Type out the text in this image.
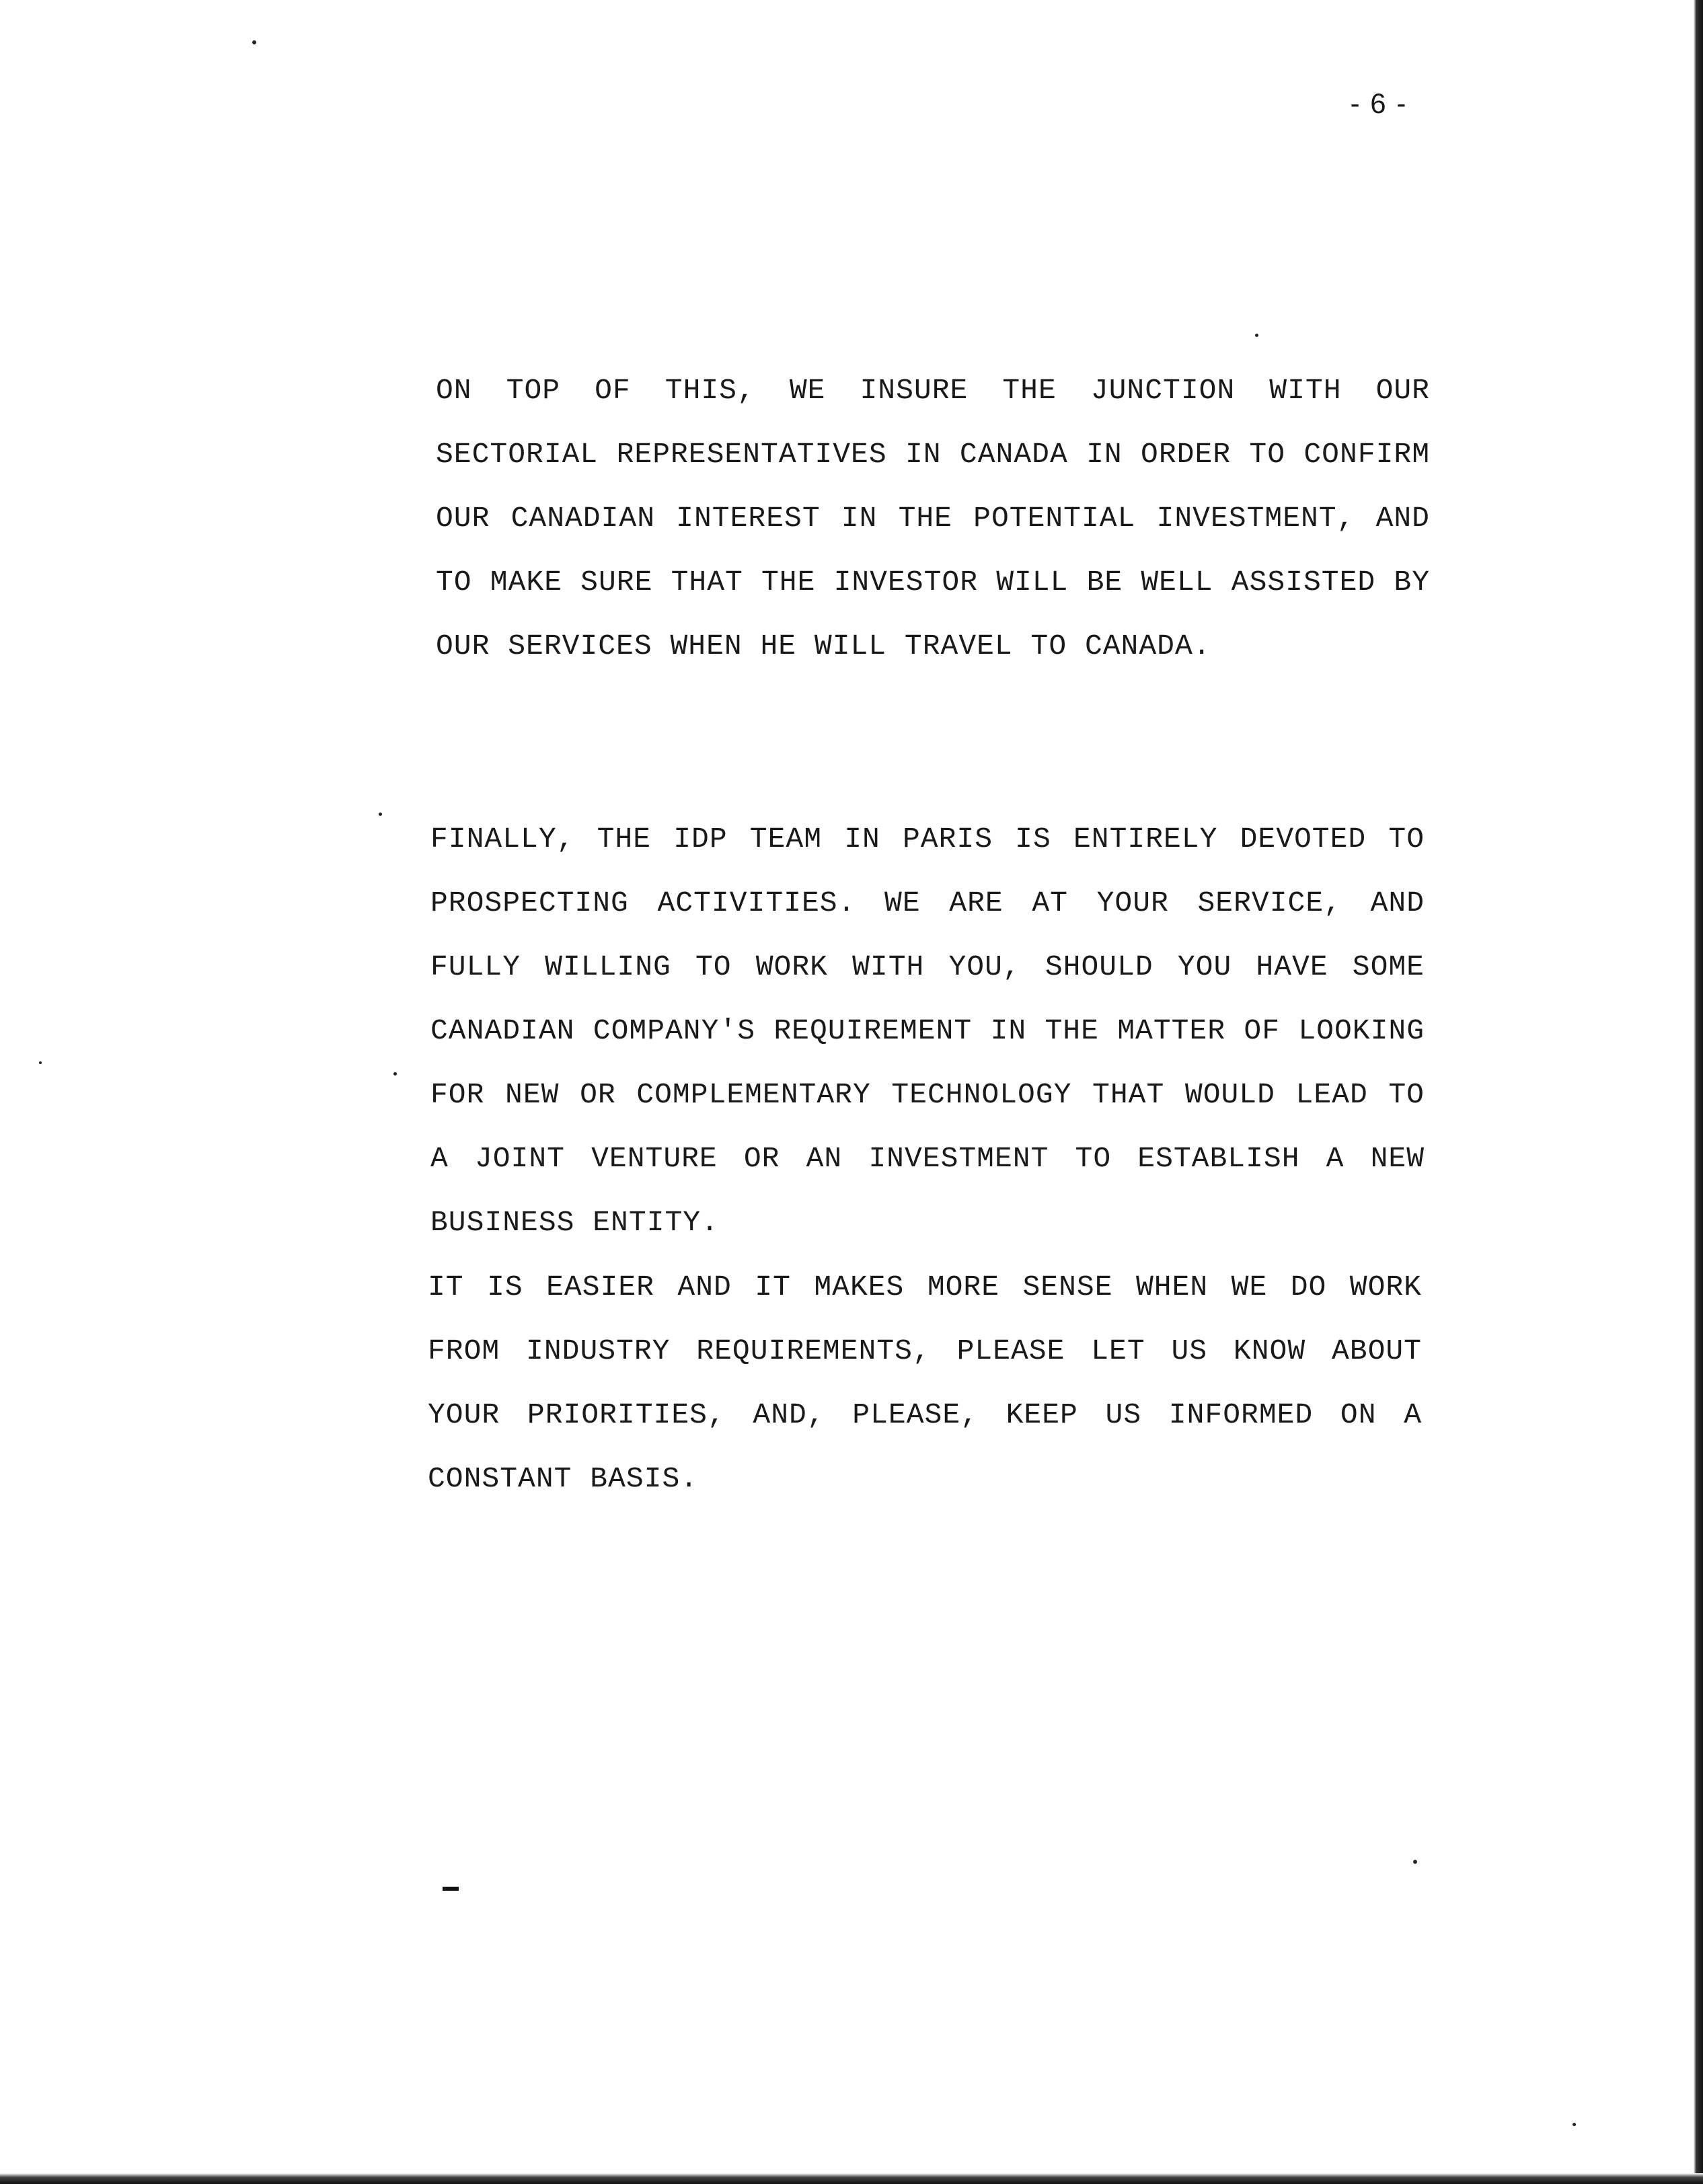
- 6 -

ON TOP OF THIS, WE INSURE THE JUNCTION WITH OUR SECTORIAL REPRESENTATIVES IN CANADA IN ORDER TO CONFIRM OUR CANADIAN INTEREST IN THE POTENTIAL INVESTMENT, AND TO MAKE SURE THAT THE INVESTOR WILL BE WELL ASSISTED BY OUR SERVICES WHEN HE WILL TRAVEL TO CANADA.

FINALLY, THE IDP TEAM IN PARIS IS ENTIRELY DEVOTED TO PROSPECTING ACTIVITIES. WE ARE AT YOUR SERVICE, AND FULLY WILLING TO WORK WITH YOU, SHOULD YOU HAVE SOME CANADIAN COMPANY'S REQUIREMENT IN THE MATTER OF LOOKING FOR NEW OR COMPLEMENTARY TECHNOLOGY THAT WOULD LEAD TO A JOINT VENTURE OR AN INVESTMENT TO ESTABLISH A NEW BUSINESS ENTITY.

IT IS EASIER AND IT MAKES MORE SENSE WHEN WE DO WORK FROM INDUSTRY REQUIREMENTS, PLEASE LET US KNOW ABOUT YOUR PRIORITIES, AND, PLEASE, KEEP US INFORMED ON A CONSTANT BASIS.
